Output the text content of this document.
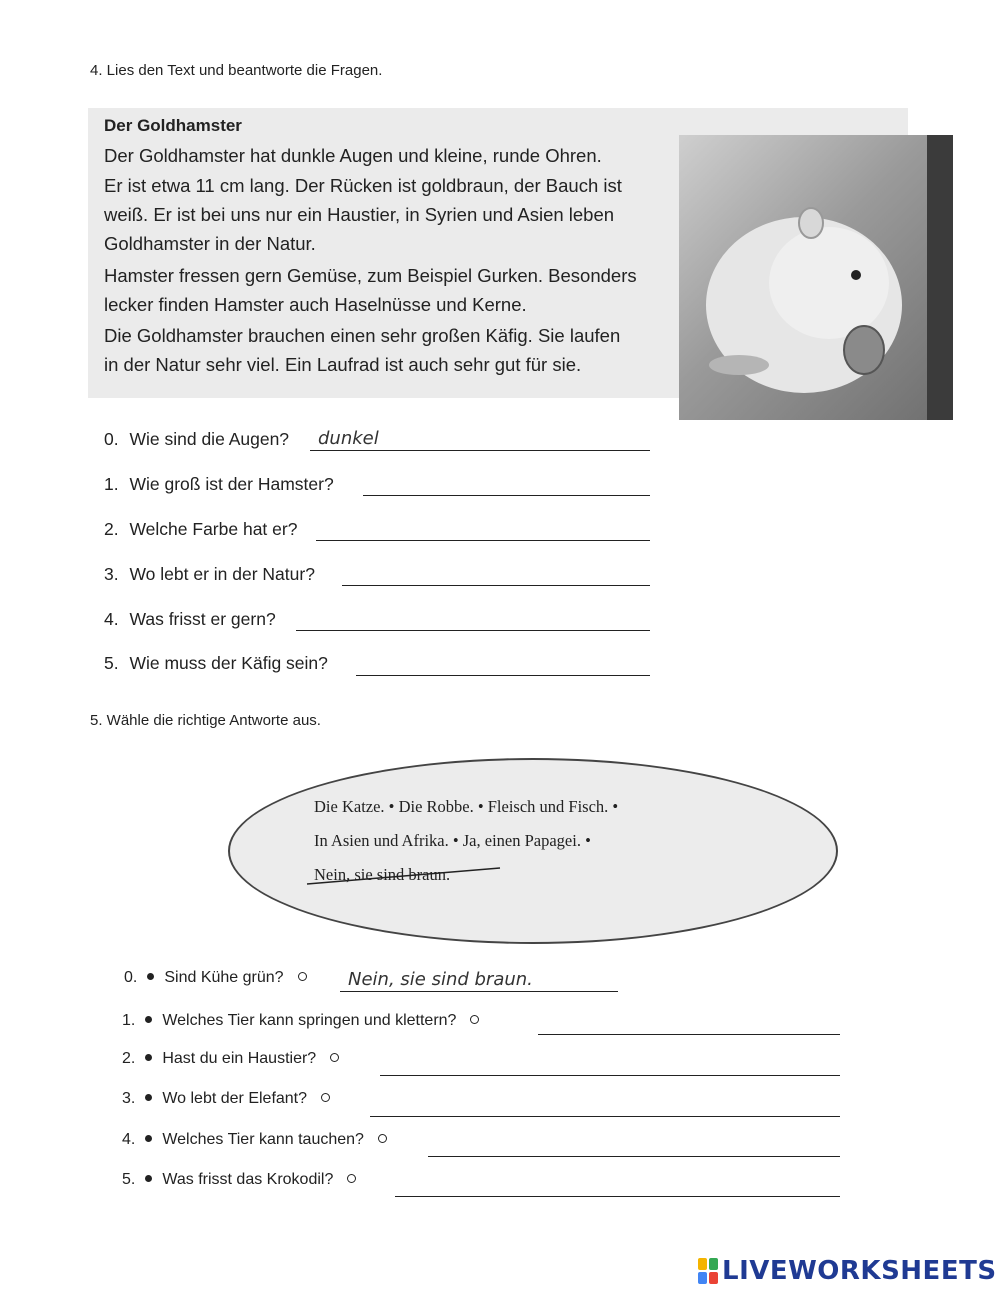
4. Lies den Text und beantworte die Fragen.
Der Goldhamster
Der Goldhamster hat dunkle Augen und kleine, runde Ohren.
Er ist etwa 11 cm lang. Der Rücken ist goldbraun, der Bauch ist
weiß. Er ist bei uns nur ein Haustier, in Syrien und Asien leben
Goldhamster in der Natur.
Hamster fressen gern Gemüse, zum Beispiel Gurken. Besonders
lecker finden Hamster auch Haselnüsse und Kerne.
Die Goldhamster brauchen einen sehr großen Käfig. Sie laufen
in der Natur sehr viel. Ein Laufrad ist auch sehr gut für sie.
0. Wie sind die Augen? dunkel
1. Wie groß ist der Hamster?
2. Welche Farbe hat er?
3. Wo lebt er in der Natur?
4. Was frisst er gern?
5. Wie muss der Käfig sein?
5. Wähle die richtige Antworte aus.
Die Katze. • Die Robbe. • Fleisch und Fisch. •
In Asien und Afrika. • Ja, einen Papagei. •
Nein, sie sind braun.
0. Sind Kühe grün?	Nein, sie sind braun.
1. Welches Tier kann springen und klettern?
2. Hast du ein Haustier?
3. Wo lebt der Elefant?
4. Welches Tier kann tauchen?
5. Was frisst das Krokodil?
LIVEWORKSHEETS
